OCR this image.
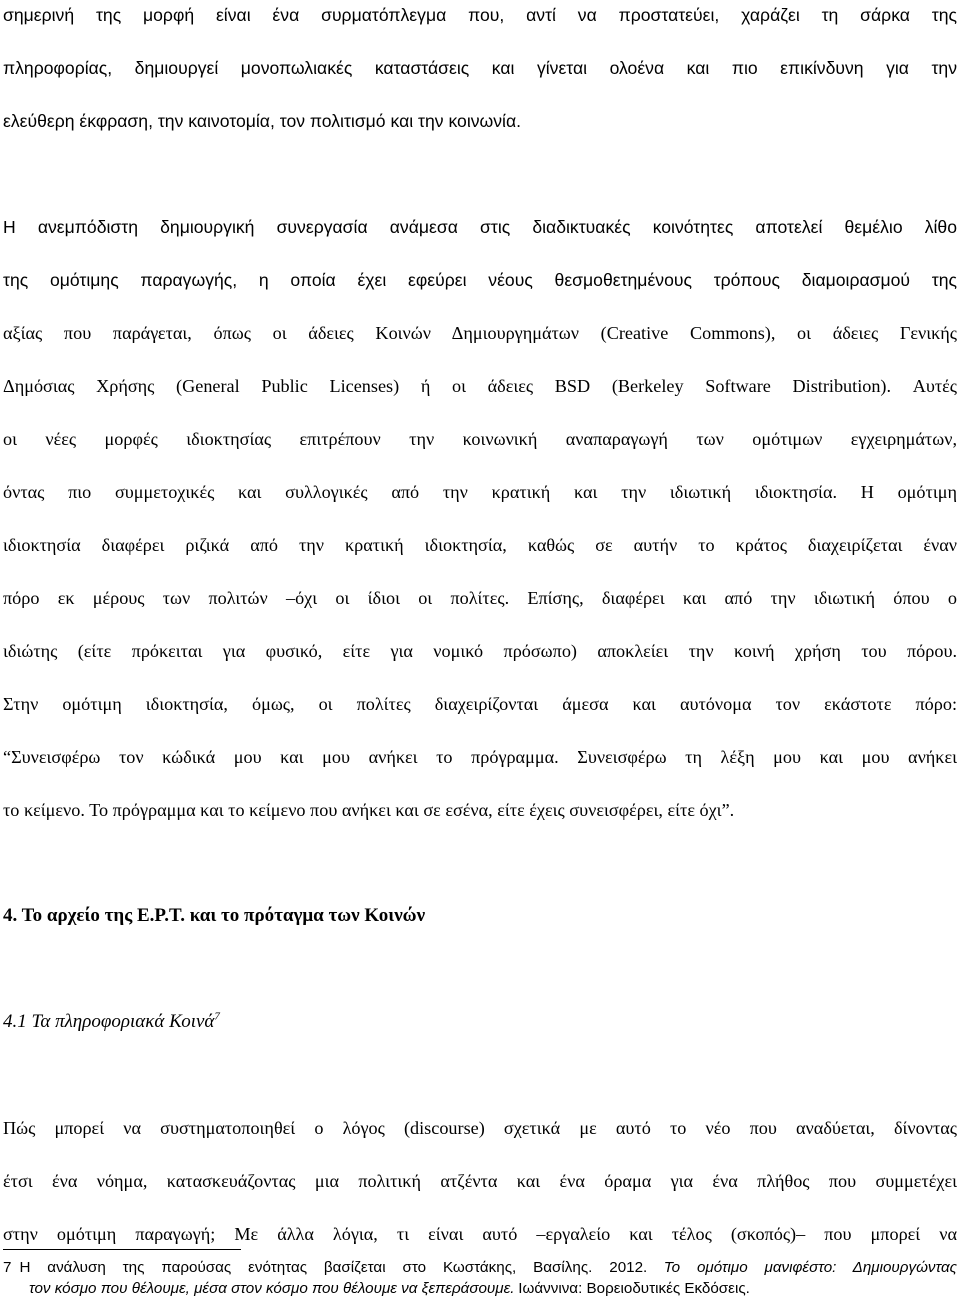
σημερινή της μορφή είναι ένα συρματόπλεγμα που, αντί να προστατεύει, χαράζει τη σάρκα της
πληροφορίας, δημιουργεί μονοπωλιακές καταστάσεις και γίνεται ολοένα και πιο επικίνδυνη για την
ελεύθερη έκφραση, την καινοτομία, τον πολιτισμό και την κοινωνία.
Η ανεμπόδιστη δημιουργική συνεργασία ανάμεσα στις διαδικτυακές κοινότητες αποτελεί θεμέλιο λίθο
της ομότιμης παραγωγής, η οποία έχει εφεύρει νέους θεσμοθετημένους τρόπους διαμοιρασμού της
αξίας που παράγεται, όπως οι άδειες Κοινών Δημιουργημάτων (Creative Commons), οι άδειες Γενικής
Δημόσιας Χρήσης (General Public Licenses) ή οι άδειες BSD (Berkeley Software Distribution). Αυτές
οι νέες μορφές ιδιοκτησίας επιτρέπουν την κοινωνική αναπαραγωγή των ομότιμων εγχειρημάτων,
όντας πιο συμμετοχικές και συλλογικές από την κρατική και την ιδιωτική ιδιοκτησία. Η ομότιμη
ιδιοκτησία διαφέρει ριζικά από την κρατική ιδιοκτησία, καθώς σε αυτήν το κράτος διαχειρίζεται έναν
πόρο εκ μέρους των πολιτών –όχι οι ίδιοι οι πολίτες. Επίσης, διαφέρει και από την ιδιωτική όπου ο
ιδιώτης (είτε πρόκειται για φυσικό, είτε για νομικό πρόσωπο) αποκλείει την κοινή χρήση του πόρου.
Στην ομότιμη ιδιοκτησία, όμως, οι πολίτες διαχειρίζονται άμεσα και αυτόνομα τον εκάστοτε πόρο:
“Συνεισφέρω τον κώδικά μου και μου ανήκει το πρόγραμμα. Συνεισφέρω τη λέξη μου και μου ανήκει
το κείμενο. Το πρόγραμμα και το κείμενο που ανήκει και σε εσένα, είτε έχεις συνεισφέρει, είτε όχι”.
4. Το αρχείο της Ε.Ρ.Τ. και το πρόταγμα των Κοινών
4.1 Τα πληροφοριακά Κοινά$^7$
Πώς μπορεί να συστηματοποιηθεί ο λόγος (discourse) σχετικά με αυτό το νέο που αναδύεται, δίνοντας
έτσι ένα νόημα, κατασκευάζοντας μια πολιτική ατζέντα και ένα όραμα για ένα πλήθος που συμμετέχει
στην ομότιμη παραγωγή; Με άλλα λόγια, τι είναι αυτό –εργαλείο και τέλος (σκοπός)– που μπορεί να
7 Η ανάλυση της παρούσας ενότητας βασίζεται στο Κωστάκης, Βασίλης. 2012. Το ομότιμο μανιφέστο: Δημιουργώντας
τον κόσμο που θέλουμε, μέσα στον κόσμο που θέλουμε να ξεπεράσουμε. Ιωάννινα: Βορειοδυτικές Εκδόσεις.
